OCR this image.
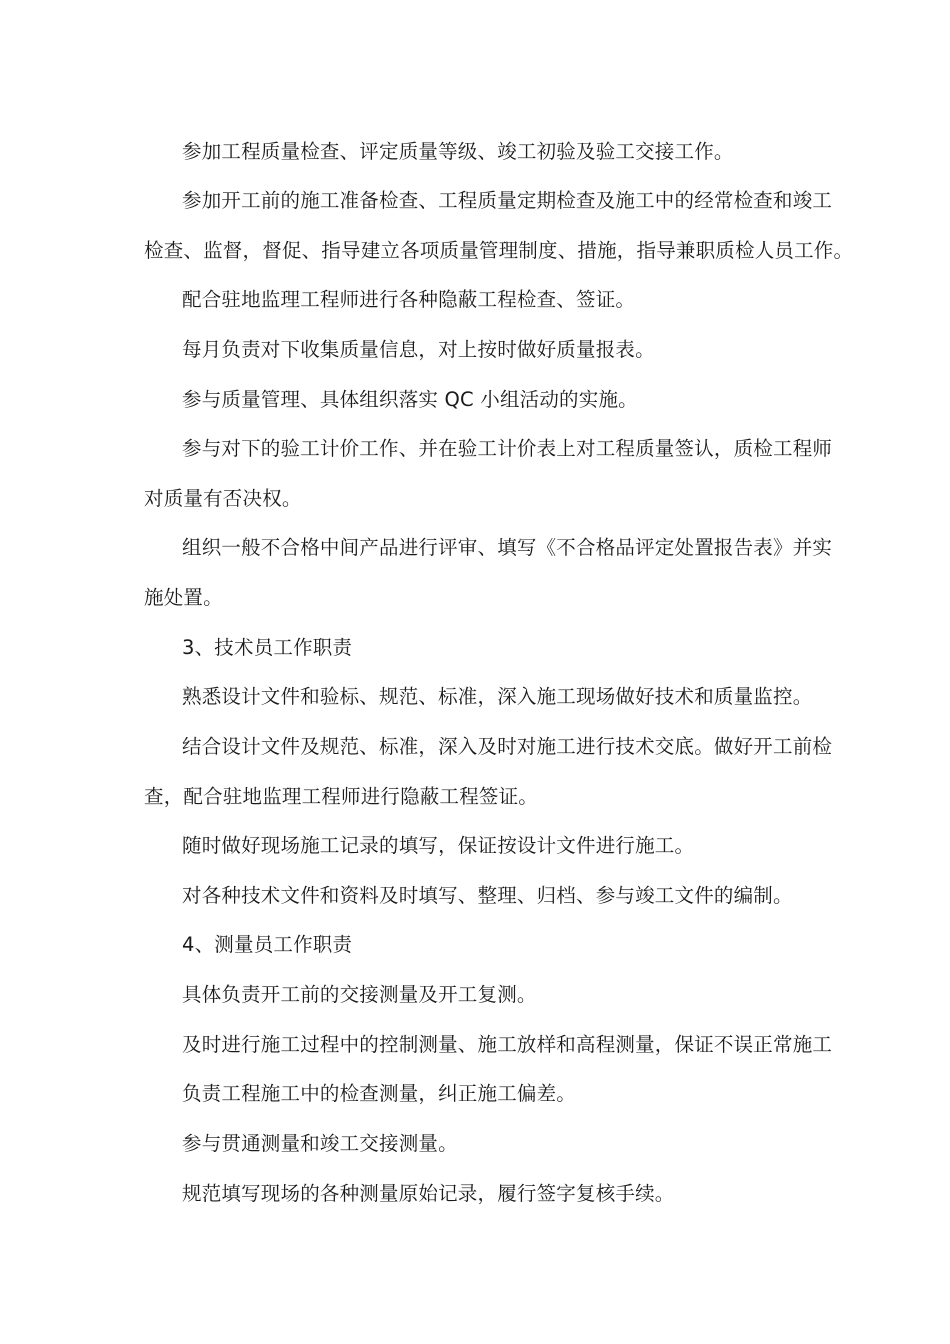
参加工程质量检查、评定质量等级、竣工初验及验工交接工作。
参加开工前的施工准备检查、工程质量定期检查及施工中的经常检查和竣工
检查、监督，督促、指导建立各项质量管理制度、措施，指导兼职质检人员工作。
配合驻地监理工程师进行各种隐蔽工程检查、签证。
每月负责对下收集质量信息，对上按时做好质量报表。
参与质量管理、具体组织落实 QC 小组活动的实施。
参与对下的验工计价工作、并在验工计价表上对工程质量签认，质检工程师
对质量有否决权。
组织一般不合格中间产品进行评审、填写《不合格品评定处置报告表》并实
施处置。
3、技术员工作职责
熟悉设计文件和验标、规范、标准，深入施工现场做好技术和质量监控。
结合设计文件及规范、标准，深入及时对施工进行技术交底。做好开工前检
查，配合驻地监理工程师进行隐蔽工程签证。
随时做好现场施工记录的填写，保证按设计文件进行施工。
对各种技术文件和资料及时填写、整理、归档、参与竣工文件的编制。
4、测量员工作职责
具体负责开工前的交接测量及开工复测。
及时进行施工过程中的控制测量、施工放样和高程测量，保证不误正常施工
负责工程施工中的检查测量，纠正施工偏差。
参与贯通测量和竣工交接测量。
规范填写现场的各种测量原始记录，履行签字复核手续。
